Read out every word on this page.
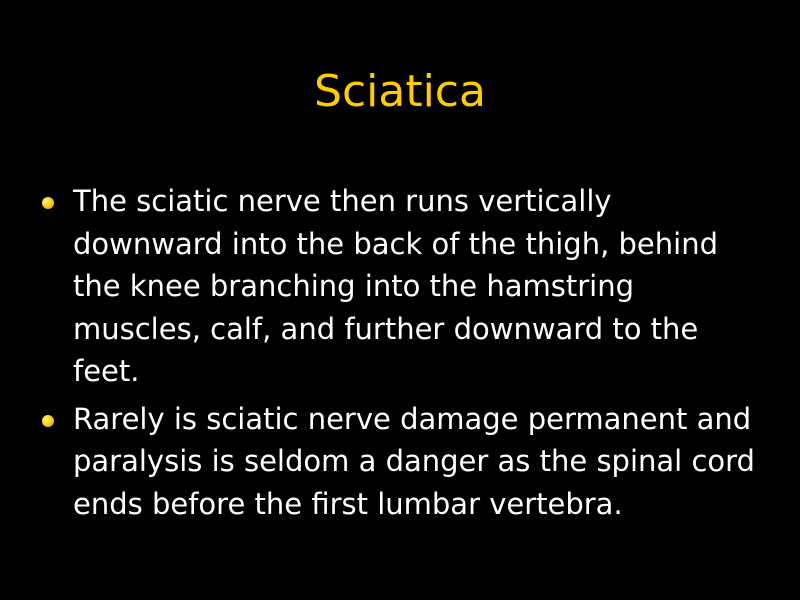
Sciatica
The sciatic nerve then runs vertically downward into the back of the thigh, behind the knee branching into the hamstring muscles, calf, and further downward to the feet.
Rarely is sciatic nerve damage permanent and paralysis is seldom a danger as the spinal cord ends before the first lumbar vertebra.
